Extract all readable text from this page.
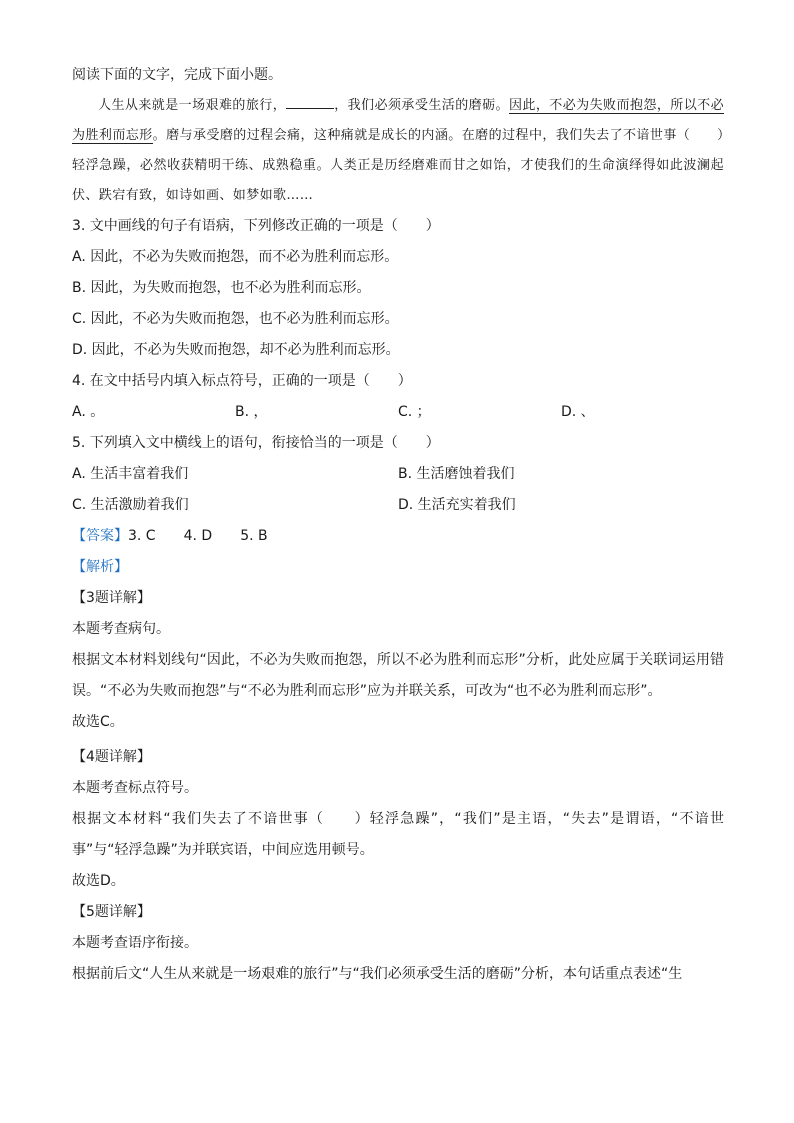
阅读下面的文字，完成下面小题。

人生从来就是一场艰难的旅行，	，我们必须承受生活的磨砺。因此，不必为失败而抱怨，所以不必为胜利而忘形。磨与承受磨的过程会痛，这种痛就是成长的内涵。在磨的过程中，我们失去了不谙世事（　　）轻浮急躁，必然收获精明干练、成熟稳重。人类正是历经磨难而甘之如饴，才使我们的生命演绎得如此波澜起伏、跌宕有致，如诗如画、如梦如歌……

3. 文中画线的句子有语病，下列修改正确的一项是（　　）
A. 因此，不必为失败而抱怨，而不必为胜利而忘形。
B. 因此，为失败而抱怨，也不必为胜利而忘形。
C. 因此，不必为失败而抱怨，也不必为胜利而忘形。
D. 因此，不必为失败而抱怨，却不必为胜利而忘形。
4. 在文中括号内填入标点符号，正确的一项是（　　）
A. 。	B. ，	C. ；	D. 、
5. 下列填入文中横线上的语句，衔接恰当的一项是（　　）
A. 生活丰富着我们	B. 生活磨蚀着我们
C. 生活激励着我们	D. 生活充实着我们
【答案】3. C 4. D 5. B
【解析】
【3题详解】
本题考查病句。

根据文本材料划线句“因此，不必为失败而抱怨，所以不必为胜利而忘形”分析，此处应属于关联词运用错误。“不必为失败而抱怨”与“不必为胜利而忘形”应为并联关系，可改为“也不必为胜利而忘形”。

故选C。
【4题详解】
本题考查标点符号。

根据文本材料“我们失去了不谙世事（　　）轻浮急躁”，“我们”是主语，“失去”是谓语，“不谙世事”与“轻浮急躁”为并联宾语，中间应选用顿号。

故选D。
【5题详解】
本题考查语序衔接。

根据前后文“人生从来就是一场艰难的旅行”与“我们必须承受生活的磨砺”分析，本句话重点表述“生
